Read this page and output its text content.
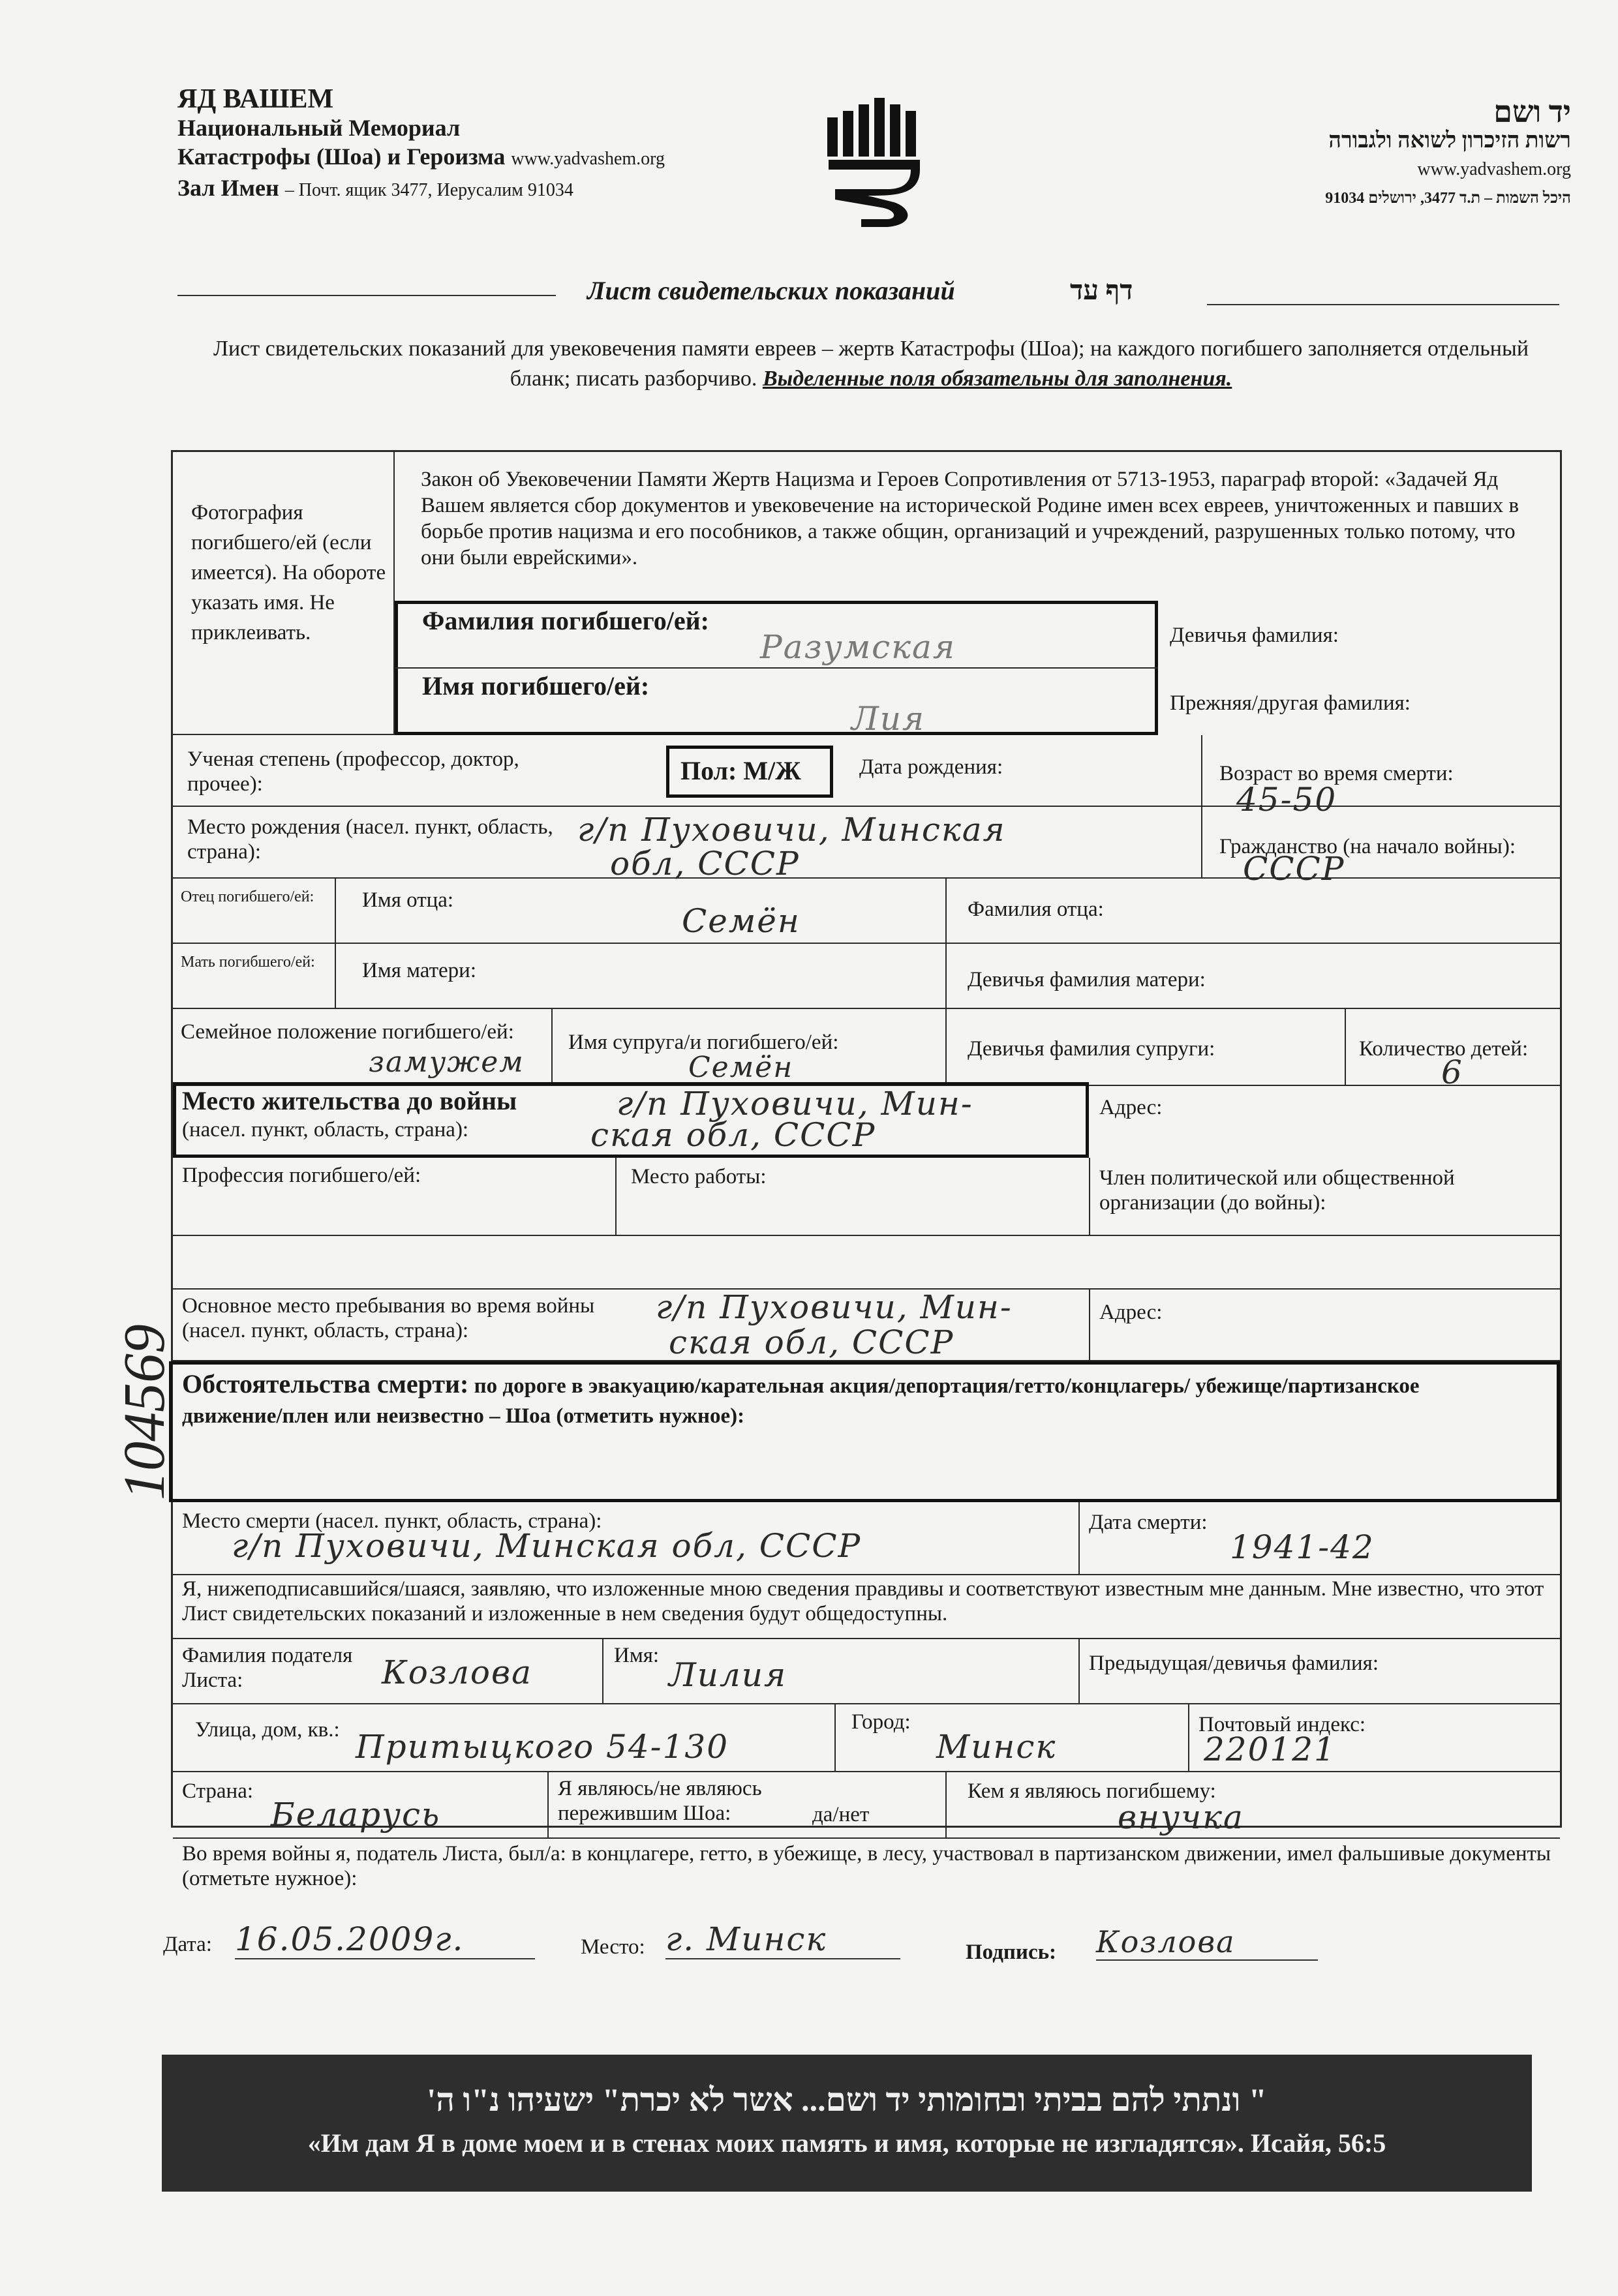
ЯД ВАШЕМ
Национальный Мемориал
Катастрофы (Шоа) и Героизма www.yadvashem.org
Зал Имен – Почт. ящик 3477, Иерусалим 91034
יד ושם
רשות הזיכרון לשואה ולגבורה
www.yadvashem.org
היכל השמות – ת.ד 3477, ירושלים 91034
Лист свидетельских показаний	דף עד
Лист свидетельских показаний для увековечения памяти евреев – жертв Катастрофы (Шоа); на каждого погибшего заполняется отдельный бланк; писать разборчиво. Выделенные поля обязательны для заполнения.
Фотография погибшего/ей (если имеется). На обороте указать имя. Не приклеивать.
Закон об Увековечении Памяти Жертв Нацизма и Героев Сопротивления от 5713-1953, параграф второй: «Задачей Яд Вашем является сбор документов и увековечение на исторической Родине имен всех евреев, уничтоженных и павших в борьбе против нацизма и его пособников, а также общин, организаций и учреждений, разрушенных только потому, что они были еврейскими».
Фамилия погибшего/ей:
Разумская
Имя погибшего/ей:
Лия
Девичья фамилия:
Прежняя/другая фамилия:
Ученая степень (профессор, доктор, прочее):	Пол: М/Ж	Дата рождения:	Возраст во время смерти:
45-50
Место рождения (насел. пункт, область, страна):
г/п Пуховичи, Минская
обл, СССР	Гражданство (на начало войны):
СССР
Отец погибшего/ей:	Имя отца:
Семён	Фамилия отца:
Мать погибшего/ей:	Имя матери:	Девичья фамилия матери:
Семейное положение погибшего/ей:
замужем
Имя супруга/и погибшего/ей:
Семён
Девичья фамилия супруги:	Количество детей:
6
Место жительства до войны
(насел. пункт, область, страна):
г/п Пуховичи, Мин-
ская обл, СССР
Адрес:
Профессия погибшего/ей:	Место работы:	Член политической или общественной организации (до войны):
Основное место пребывания во время войны (насел. пункт, область, страна):
г/п Пуховичи, Мин-
ская обл, СССР
Адрес:
Обстоятельства смерти: по дороге в эвакуацию/карательная акция/депортация/гетто/концлагерь/ убежище/партизанское движение/плен или неизвестно – Шоа (отметить нужное):
Место смерти (насел. пункт, область, страна):
г/п Пуховичи, Минская обл, СССР
Дата смерти:
1941-42
Я, нижеподписавшийся/шаяся, заявляю, что изложенные мною сведения правдивы и соответствуют известным мне данным. Мне известно, что этот Лист свидетельских показаний и изложенные в нем сведения будут общедоступны.
Фамилия подателя Листа:	Козлова	Имя:
Лилия	Предыдущая/девичья фамилия:
Улица, дом, кв.: Притыцкого 54-130
Город:
Минск
Почтовый индекс:
220121
Страна:
Беларусь
Я являюсь/не являюсь пережившим Шоа:	да/нет
Кем я являюсь погибшему:
внучка
Во время войны я, податель Листа, был/а: в концлагере, гетто, в убежище, в лесу, участвовал в партизанском движении, имел фальшивые документы (отметьте нужное):
Дата: 16.05.2009г.	Место: г. Минск	Подпись: Козлова
" ונתתי להם בביתי ובחומותי יד ושם... אשר לא יכרת" ישעיהו נ"ו ה'
«Им дам Я в доме моем и в стенах моих память и имя, которые не изгладятся». Исайя, 56:5
104569
